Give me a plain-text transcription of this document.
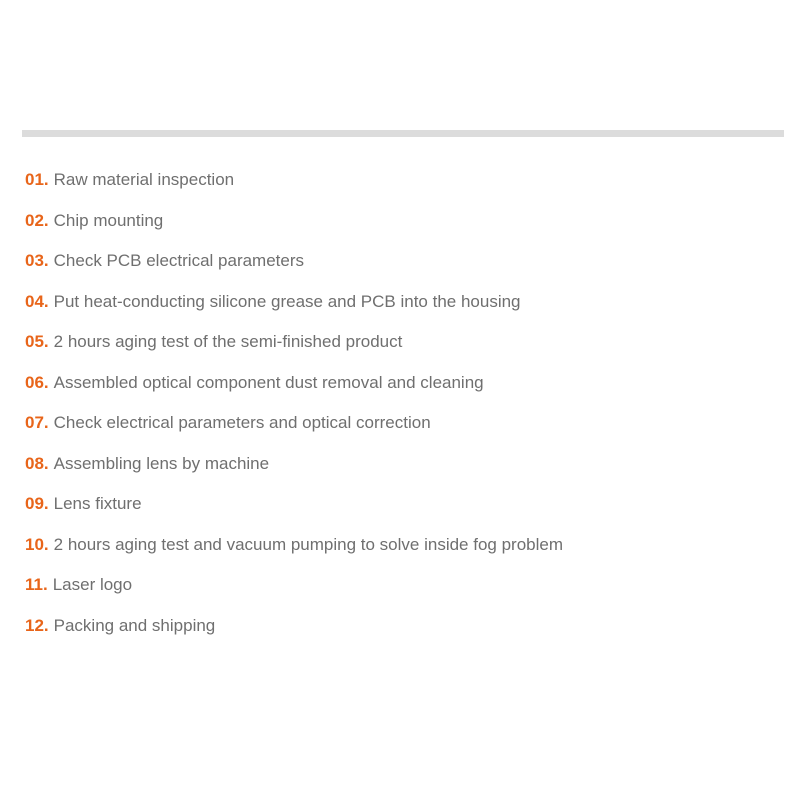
01. Raw material inspection
02. Chip mounting
03. Check PCB electrical parameters
04. Put heat-conducting silicone grease and PCB into the housing
05. 2 hours aging test of the semi-finished product
06. Assembled optical component dust removal and cleaning
07. Check electrical parameters and optical correction
08. Assembling lens by machine
09. Lens fixture
10. 2 hours aging test and vacuum pumping to solve inside fog problem
11. Laser logo
12. Packing and shipping
